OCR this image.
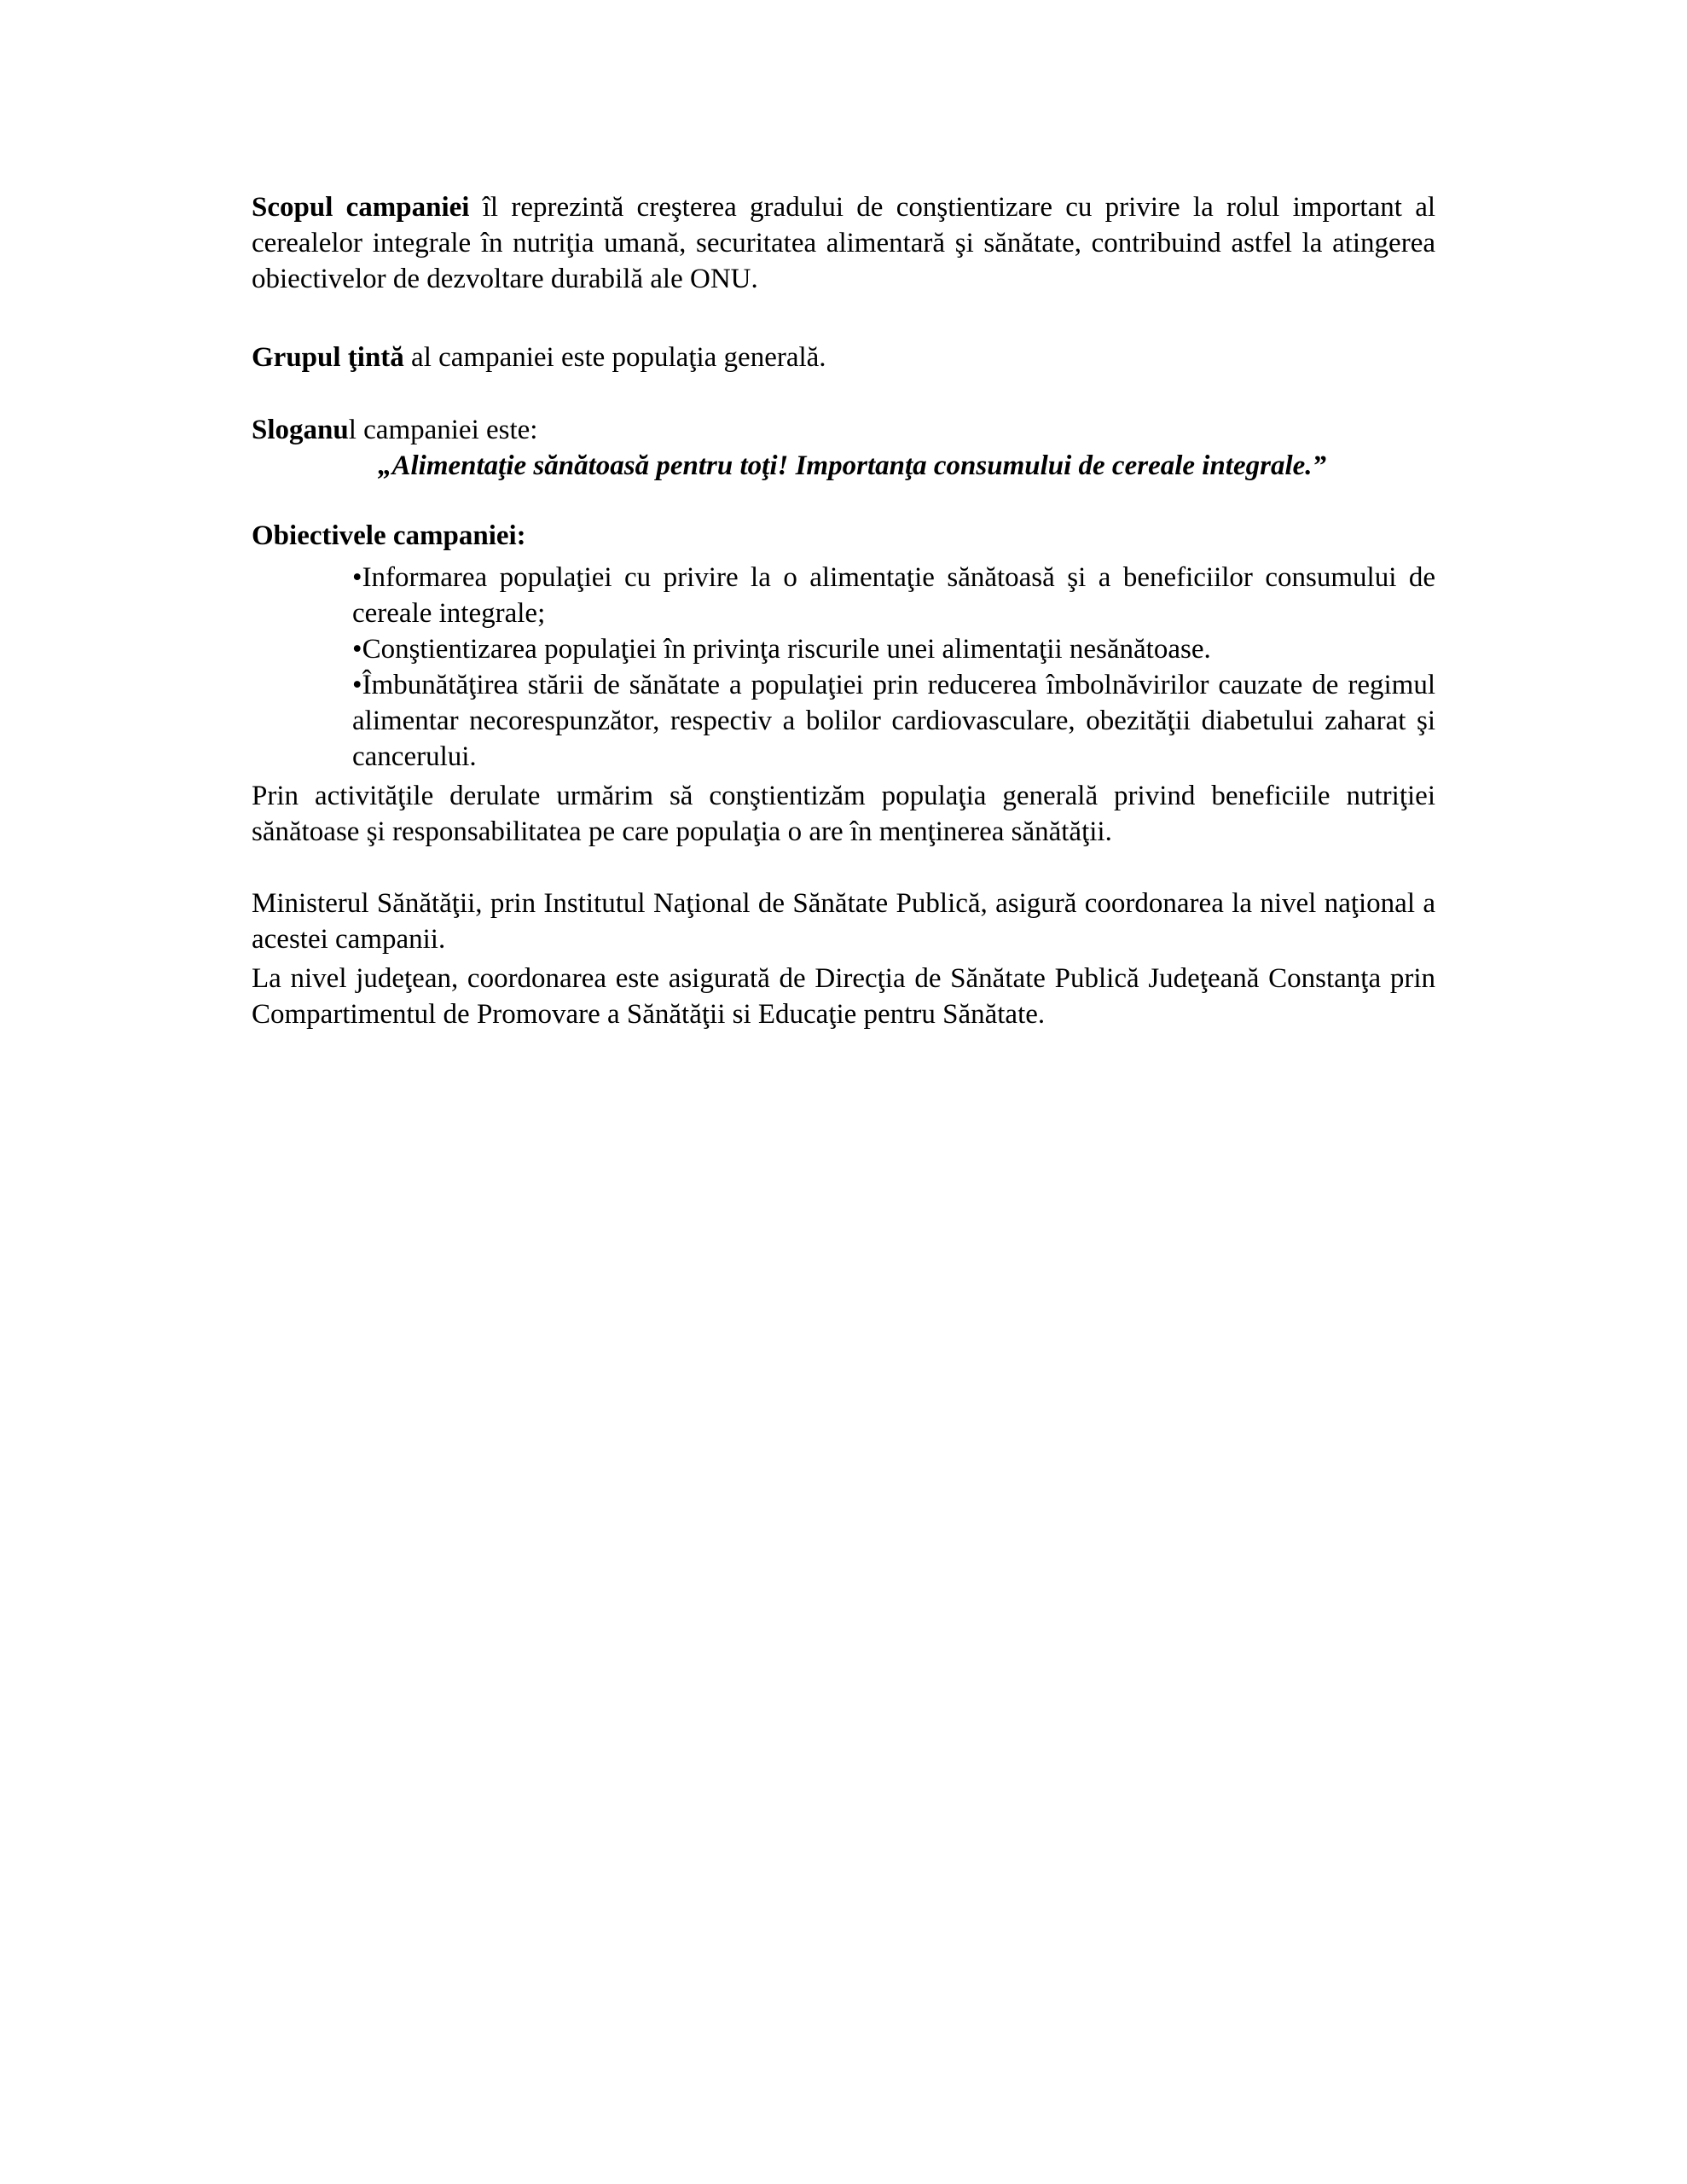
Scopul campaniei îl reprezintă creşterea gradului de conştientizare cu privire la rolul important al cerealelor integrale în nutriţia umană, securitatea alimentară şi sănătate, contribuind astfel la atingerea obiectivelor de dezvoltare durabilă ale ONU.

Grupul ţintă al campaniei este populaţia generală.

Sloganul campaniei este:

„Alimentaţie sănătoasă pentru toţi! Importanţa consumului de cereale integrale.”

Obiectivele campaniei:

•Informarea populaţiei cu privire la o alimentaţie sănătoasă şi a beneficiilor consumului de cereale integrale;

•Conştientizarea populaţiei în privinţa riscurile unei alimentaţii nesănătoase.

•Îmbunătăţirea stării de sănătate a populaţiei prin reducerea îmbolnăvirilor cauzate de regimul alimentar necorespunzător, respectiv a bolilor cardiovasculare, obezităţii diabetului zaharat şi cancerului.

Prin activităţile derulate urmărim să conştientizăm populaţia generală privind beneficiile nutriţiei sănătoase şi responsabilitatea pe care populaţia o are în menţinerea sănătăţii.

Ministerul Sănătăţii, prin Institutul Naţional de Sănătate Publică, asigură coordonarea la nivel naţional a acestei campanii.

La nivel judeţean, coordonarea este asigurată de Direcţia de Sănătate Publică Judeţeană Constanţa prin Compartimentul de Promovare a Sănătăţii si Educaţie pentru Sănătate.
